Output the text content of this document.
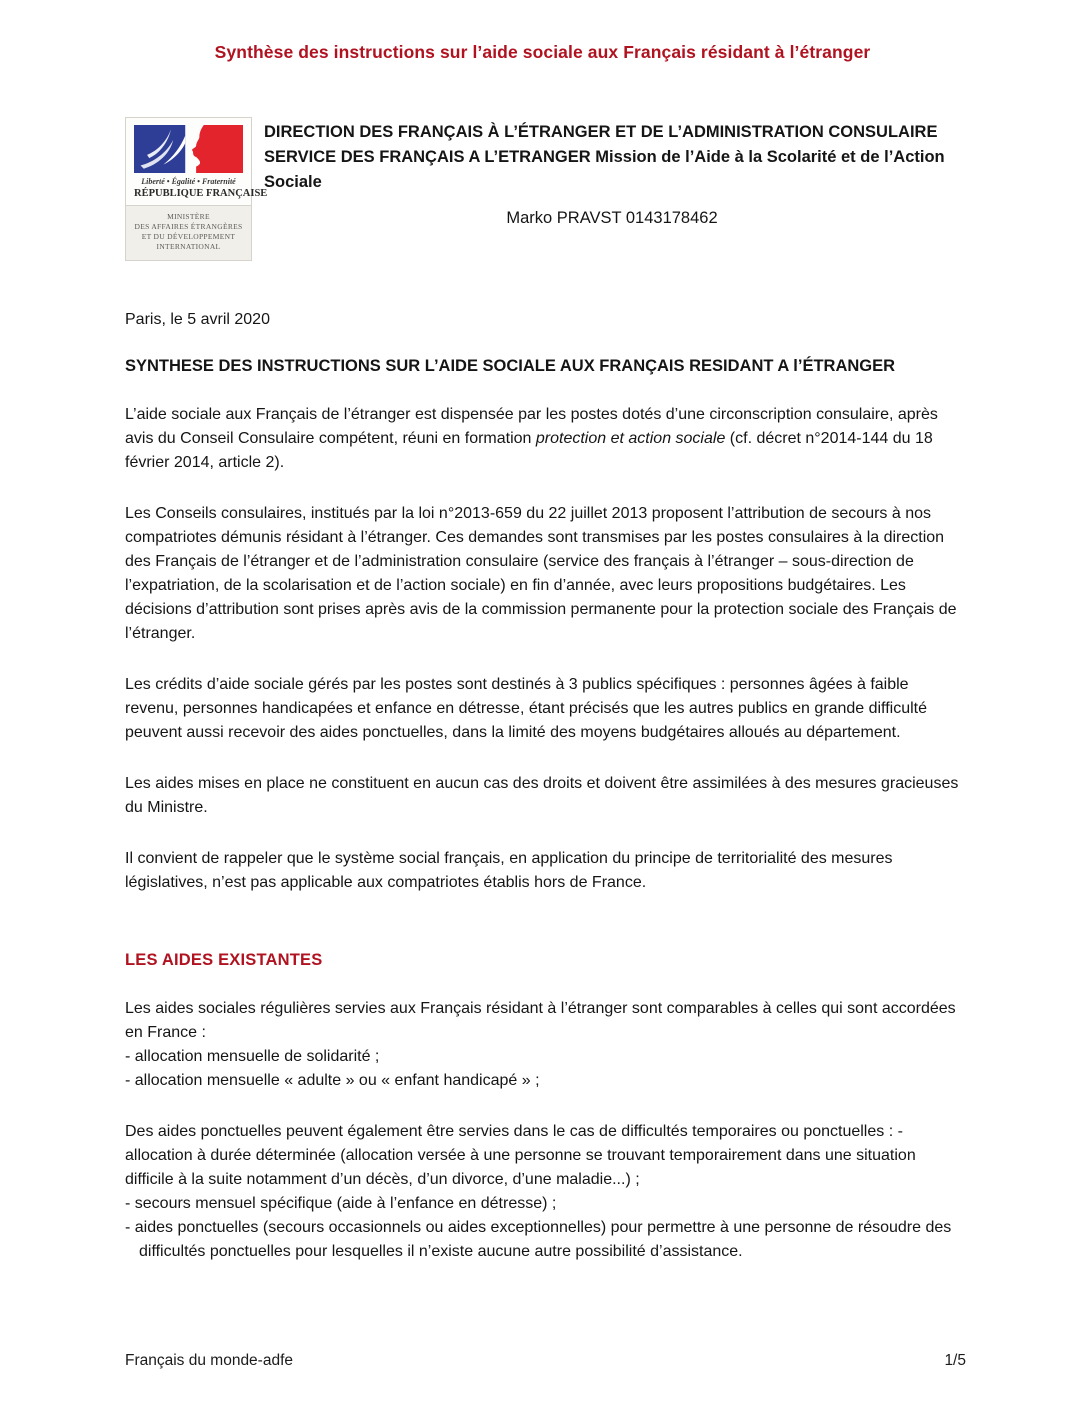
Synthèse des instructions sur l’aide sociale aux Français résidant à l’étranger
Liberté • Égalité • Fraternité
RÉPUBLIQUE FRANÇAISE
MINISTÈRE
DES AFFAIRES ÉTRANGÈRES
ET DU DÉVELOPPEMENT
INTERNATIONAL
DIRECTION DES FRANÇAIS À L’ÉTRANGER ET DE L’ADMINISTRATION CONSULAIRE SERVICE DES FRANÇAIS A L’ETRANGER Mission de l’Aide à la Scolarité et de l’Action Sociale
Marko PRAVST 0143178462
Paris, le 5 avril 2020
SYNTHESE DES INSTRUCTIONS SUR L’AIDE SOCIALE AUX FRANÇAIS RESIDANT A l’ÉTRANGER
L’aide sociale aux Français de l’étranger est dispensée par les postes dotés d’une circonscription consulaire, après avis du Conseil Consulaire compétent, réuni en formation protection et action sociale (cf. décret n°2014-144 du 18 février 2014, article 2).
Les Conseils consulaires, institués par la loi n°2013-659 du 22 juillet 2013 proposent l’attribution de secours à nos compatriotes démunis résidant à l’étranger. Ces demandes sont transmises par les postes consulaires à la direction des Français de l’étranger et de l’administration consulaire (service des français à l’étranger – sous-direction de l’expatriation, de la scolarisation et de l’action sociale) en fin d’année, avec leurs propositions budgétaires. Les décisions d’attribution sont prises après avis de la commission permanente pour la protection sociale des Français de l’étranger.
Les crédits d’aide sociale gérés par les postes sont destinés à 3 publics spécifiques : personnes âgées à faible revenu, personnes handicapées et enfance en détresse, étant précisés que les autres publics en grande difficulté peuvent aussi recevoir des aides ponctuelles, dans la limité des moyens budgétaires alloués au département.
Les aides mises en place ne constituent en aucun cas des droits et doivent être assimilées à des mesures gracieuses du Ministre.
Il convient de rappeler que le système social français, en application du principe de territorialité des mesures législatives, n’est pas applicable aux compatriotes établis hors de France.
LES AIDES EXISTANTES
Les aides sociales régulières servies aux Français résidant à l’étranger sont comparables à celles qui sont accordées en France :
- allocation mensuelle de solidarité ;
- allocation mensuelle « adulte » ou « enfant handicapé » ;
Des aides ponctuelles peuvent également être servies dans le cas de difficultés temporaires ou ponctuelles : - allocation à durée déterminée (allocation versée à une personne se trouvant temporairement dans une situation difficile à la suite notamment d’un décès, d’un divorce, d’une maladie...) ;
- secours mensuel spécifique (aide à l’enfance en détresse) ;
- aides ponctuelles (secours occasionnels ou aides exceptionnelles) pour permettre à une personne de résoudre des difficultés ponctuelles pour lesquelles il n’existe aucune autre possibilité d’assistance.
Français du monde-adfe	1/5
